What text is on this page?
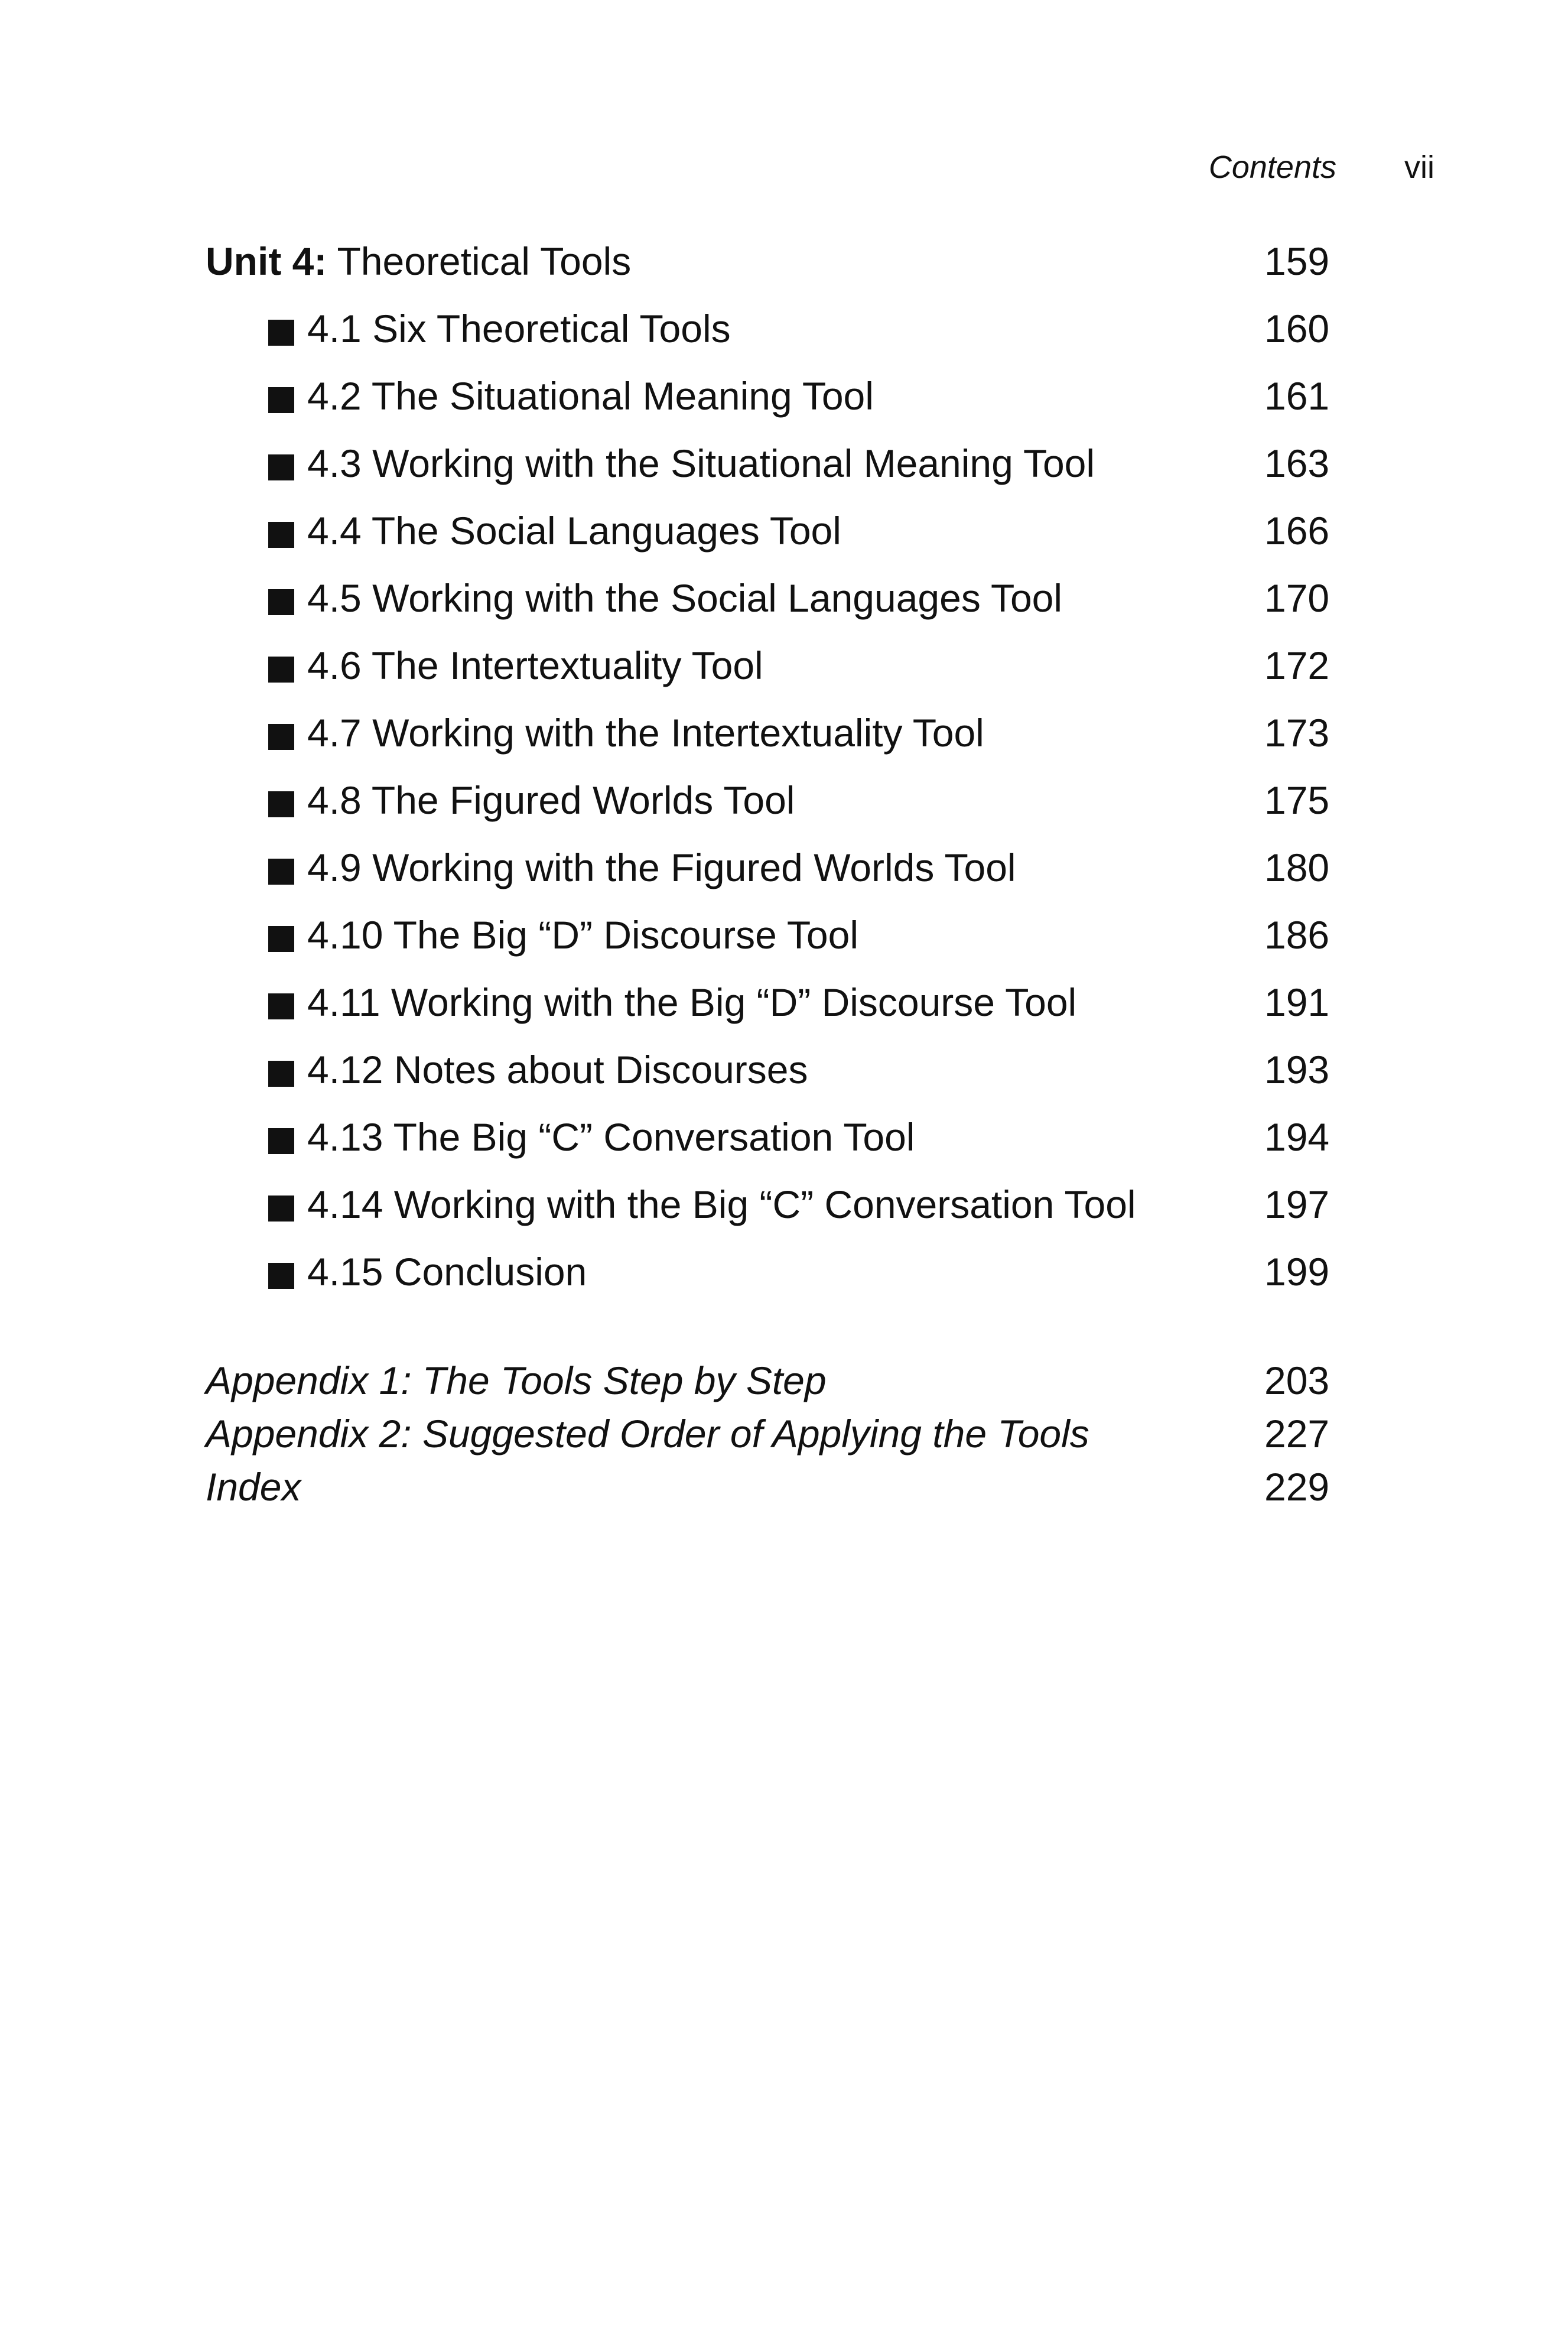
Contents vii
Unit 4: Theoretical Tools	159
4.1 Six Theoretical Tools	160
4.2 The Situational Meaning Tool	161
4.3 Working with the Situational Meaning Tool	163
4.4 The Social Languages Tool	166
4.5 Working with the Social Languages Tool	170
4.6 The Intertextuality Tool	172
4.7 Working with the Intertextuality Tool	173
4.8 The Figured Worlds Tool	175
4.9 Working with the Figured Worlds Tool	180
4.10 The Big “D” Discourse Tool	186
4.11 Working with the Big “D” Discourse Tool	191
4.12 Notes about Discourses	193
4.13 The Big “C” Conversation Tool	194
4.14 Working with the Big “C” Conversation Tool	197
4.15 Conclusion	199
Appendix 1: The Tools Step by Step	203
Appendix 2: Suggested Order of Applying the Tools	227
Index	229
